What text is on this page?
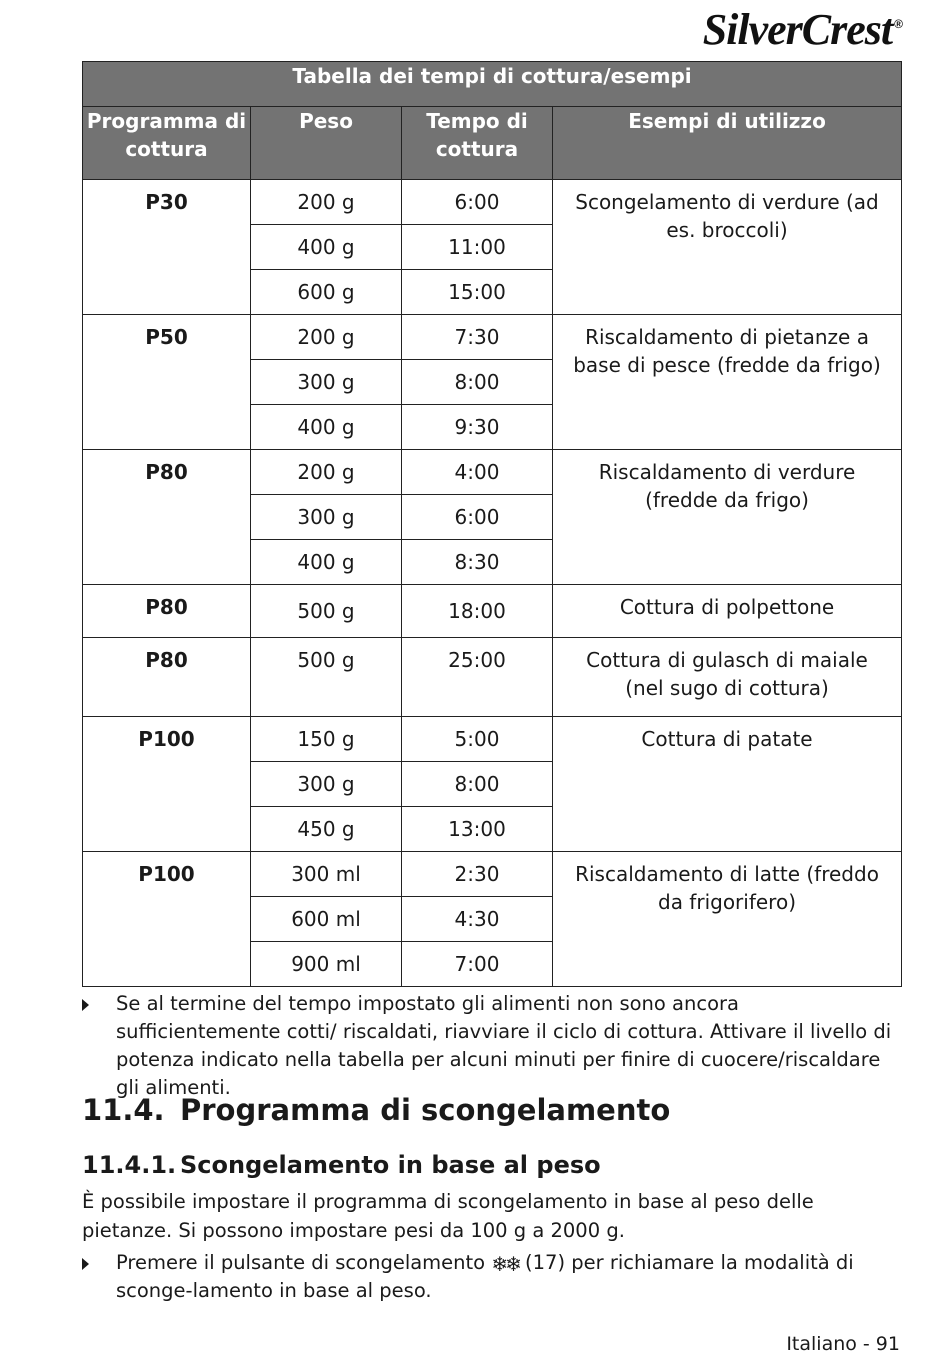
SilverCrest ®
Tabella dei tempi di cottura/esempi			
Programma di cottura	Peso	Tempo di cottura	Esempi di utilizzo
P30	200 g	6:00	Scongelamento di verdure (ad es. broccoli)
	400 g	11:00	
	600 g	15:00	
P50	200 g	7:30	Riscaldamento di pietanze a base di pesce (fredde da frigo)
	300 g	8:00	
	400 g	9:30	
P80	200 g	4:00	Riscaldamento di verdure (fredde da frigo)
	300 g	6:00	
	400 g	8:30	
P80	500 g	18:00	Cottura di polpettone
P80	500 g	25:00	Cottura di gulasch di maiale (nel sugo di cottura)
P100	150 g	5:00	Cottura di patate
	300 g	8:00	
	450 g	13:00	
P100	300 ml	2:30	Riscaldamento di latte (freddo da frigorifero)
	600 ml	4:30	
	900 ml	7:00	
Se al termine del tempo impostato gli alimenti non sono ancora sufficientemente cotti/ riscaldati, riavviare il ciclo di cottura. Attivare il livello di potenza indicato nella tabella per alcuni minuti per finire di cuocere/riscaldare gli alimenti.
11.4. Programma di scongelamento
11.4.1. Scongelamento in base al peso
È possibile impostare il programma di scongelamento in base al peso delle pietanze. Si possono impostare pesi da 100 g a 2000 g.
Premere il pulsante di scongelamento ❄❄ (17) per richiamare la modalità di sconge-lamento in base al peso.
Italiano - 91
